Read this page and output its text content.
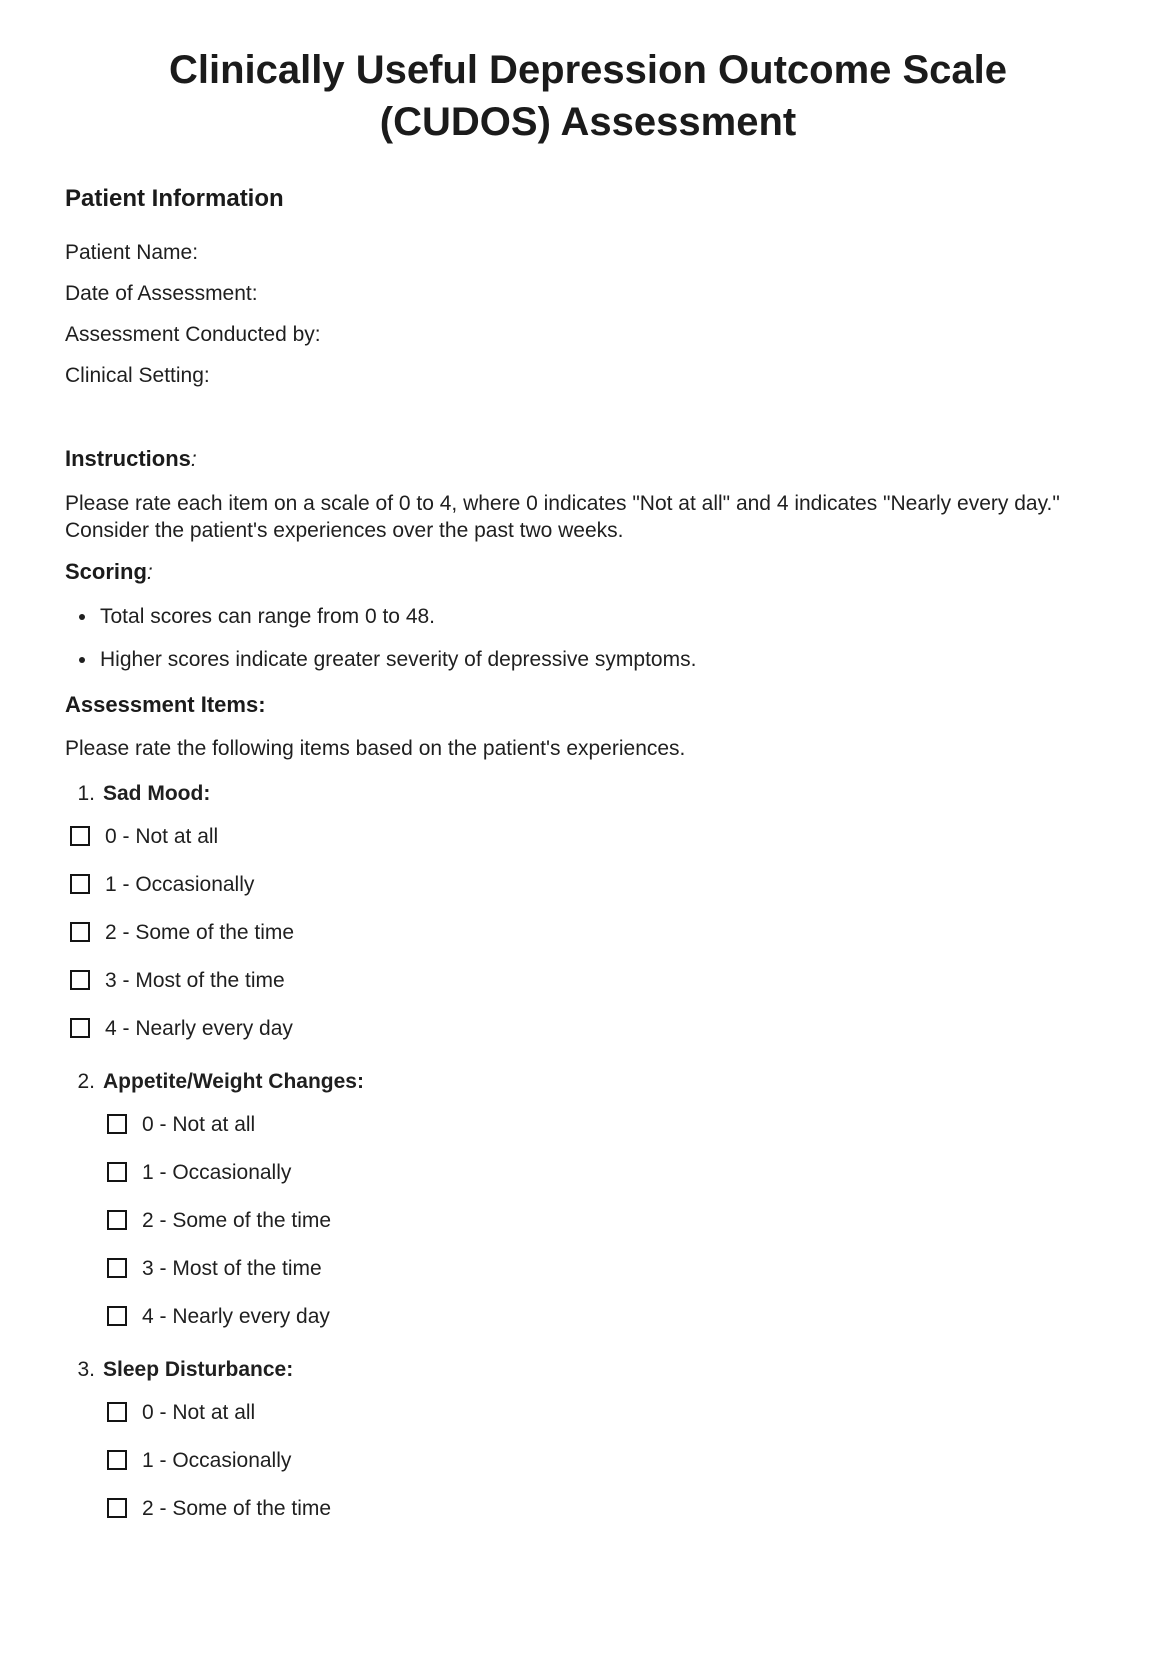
Clinically Useful Depression Outcome Scale (CUDOS) Assessment
Patient Information

Patient Name:

Date of Assessment:

Assessment Conducted by:

Clinical Setting:

Instructions:

Please rate each item on a scale of 0 to 4, where 0 indicates "Not at all" and 4 indicates "Nearly every day." Consider the patient's experiences over the past two weeks.

Scoring:
• Total scores can range from 0 to 48.
• Higher scores indicate greater severity of depressive symptoms.
Assessment Items:

Please rate the following items based on the patient's experiences.

1. Sad Mood:
0 - Not at all
1 - Occasionally
2 - Some of the time
3 - Most of the time
4 - Nearly every day
2. Appetite/Weight Changes:
0 - Not at all
1 - Occasionally
2 - Some of the time
3 - Most of the time
4 - Nearly every day
3. Sleep Disturbance:
0 - Not at all
1 - Occasionally
2 - Some of the time
